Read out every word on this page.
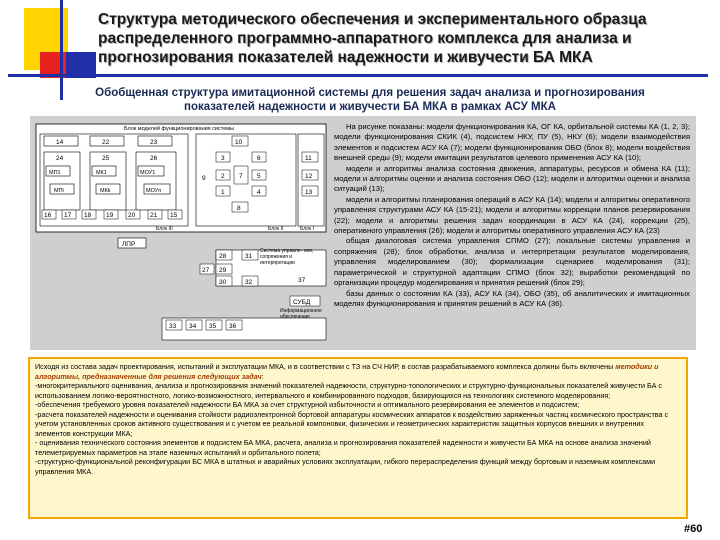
Структура методического обеспечения и экспериментального образца распределенного программно-аппаратного комплекса для анализа и прогнозирования показателей надежности и живучести БА МКА
Обобщенная структура имитационной системы для решения задач анализа и прогнозирования показателей надежности и живучести БА МКА в рамках АСУ МКА
Блок моделей функционирования системы
14	22	23
24	25	26
МП1	МК1	МОУ1
МПl	МКk	МОУn
16 17 18 19 20 21 15
Блок III
10
3	6
9 2 7 5
1	4
8
11
12
13
Блок II	Блок I
ЛПР
28	31
27 29
30	32	37
Система управле- ния, сопряжения и интерпретации
33 34 35 36
СУБД
Информационное обеспечение

На рисунке показаны: модели функционирования КА, ОГ КА, орбитальной системы КА (1, 2, 3); модели функционирования СКИК (4), подсистем НКУ, ПУ (5), НКУ (6); модели взаимодействия элементов и подсистем АСУ КА (7); модели функционирования ОБО (блок 8); модели воздействия внешней среды (9); модели имитации результатов целевого применения АСУ КА (10);

модели и алгоритмы анализа состояния движения, аппаратуры, ресурсов и обмена КА (11); модели и алгоритмы оценки и анализа состояния ОБО (12); модели и алгоритмы оценки и анализа ситуаций (13);

модели и алгоритмы планирования операций в АСУ КА (14); модели и алгоритмы оперативного управления структурами АСУ КА (15-21); модели и алгоритмы коррекции планов резервирования (22); модели и алгоритмы решения задач координации в АСУ КА (24), коррекции (25), оперативного управления (26); модели и алгоритмы оперативного управления АСУ КА (23)

общая диалоговая система управления СПМО (27); локальные системы управления и сопряжения (28); блок обработки, анализа и интерпретации результатов моделирования, управления моделированием (30); формализации сценариев моделирования (31); параметрической и структурной адаптации СПМО (блок 32); выработки рекомендаций по организации процедур моделирования и принятия решений (блок 29);

базы данных о состоянии КА (33), АСУ КА (34), ОБО (35), об аналитических и имитационных моделях функционирования и принятия решений в АСУ КА (36).

Исходя из состава задач проектирования, испытаний и эксплуатации МКА, и в соответствии с ТЗ на СЧ НИР, в состав разрабатываемого комплекса должны быть включены методики и алгоритмы, предназначенные для решения следующих задач:

-многокритериального оценивания, анализа и прогнозирования значений показателей надежности, структурно-топологических и структурно-функциональных показателей живучести БА с использованием логико-вероятностного, логико-возможностного, интервального и комбинированного подходов, базирующихся на технологиях системного моделирования;

-обеспечения требуемого уровня показателей надежности БА МКА за счет структурной избыточности и оптимального резервирования ее элементов и подсистем;

-расчета показателей надежности и оценивания стойкости радиоэлектронной бортовой аппаратуры космических аппаратов к воздействию заряженных частиц космического пространства с учетом установленных сроков активного существования и с учетом ее реальной компоновки, физических и геометрических характеристик защитных корпусов внешних и внутренних элементов конструкции МКА;

- оценивания технического состояния элементов и подсистем БА МКА, расчета, анализа и прогнозирования показателей надежности и живучести БА МКА на основе анализа значений телеметрируемых параметров на этапе наземных испытаний и орбитального полета;

-структурно-функциональной реконфигурации БС МКА в штатных и аварийных условиях эксплуатации, гибкого перераспределения функций между бортовым и наземным комплексами управления МКА.

#60
